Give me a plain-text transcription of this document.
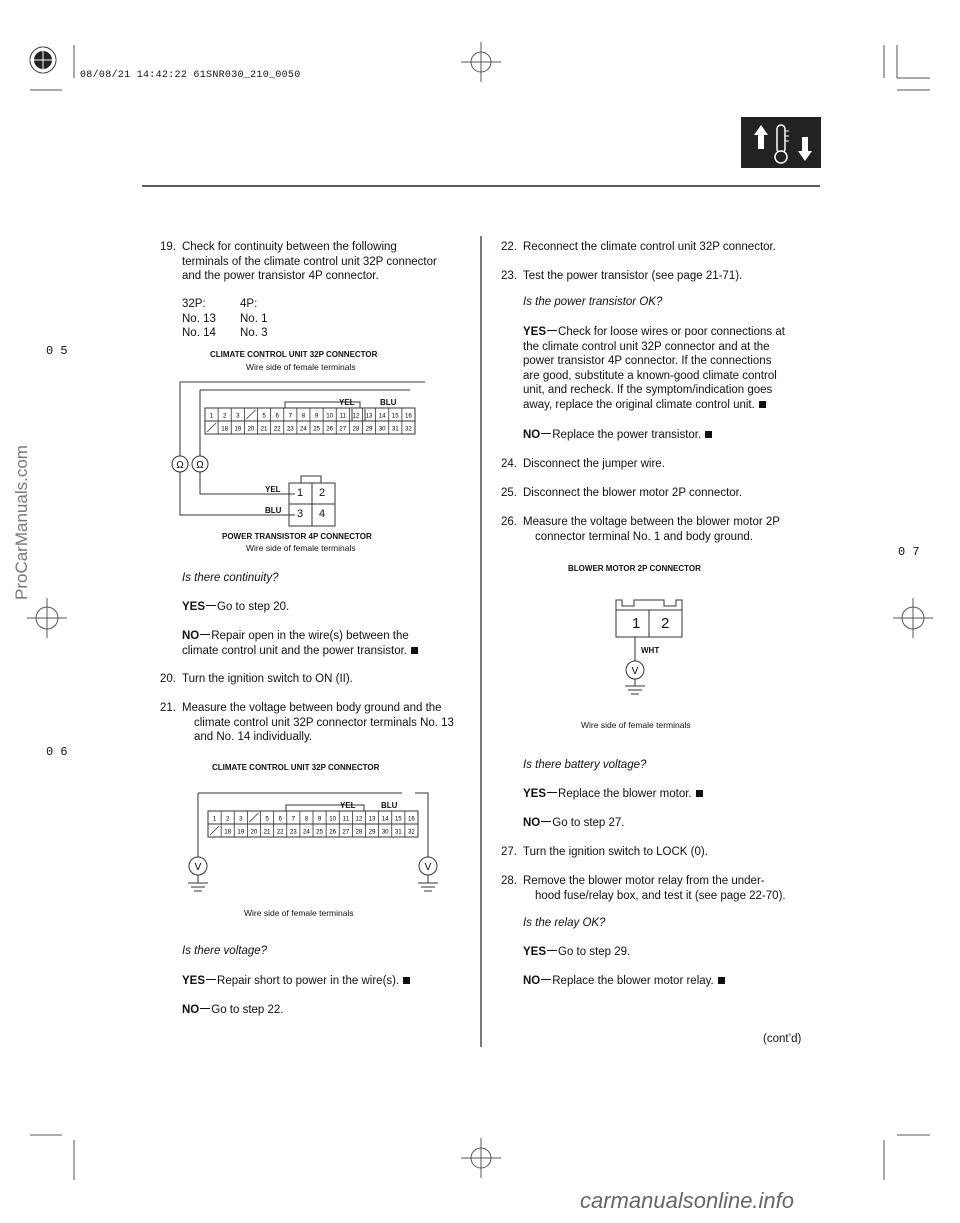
08/08/21 14:42:22 61SNR030_210_0050
0 5
0 6
0 7
ProCarManuals.com
19. Check for continuity between the following
terminals of the climate control unit 32P connector
and the power transistor 4P connector.
32P:	4P:
No. 13 No. 1
No. 14 No. 3
CLIMATE CONTROL UNIT 32P CONNECTOR
Wire side of female terminals
Ω Ω
1 2 3	5 6 7 8 9 10 11 12 13 14 15 16
18 19 20 21 22 23 24 25 26 27 28 29 30 31 32
YEL	BLU
YEL
BLU
1 2
3 4
POWER TRANSISTOR 4P CONNECTOR
Wire side of female terminals
Is there continuity?
YES Go to step 20.
NO Repair open in the wire(s) between the
climate control unit and the power transistor.
20. Turn the ignition switch to ON (II).
21. Measure the voltage between body ground and the
climate control unit 32P connector terminals No. 13
and No. 14 individually.
CLIMATE CONTROL UNIT 32P CONNECTOR
V	V
1 2 3	5 6 7 8 9 10 11 12 13 14 15 16
18 19 20 21 22 23 24 25 26 27 28 29 30 31 32
YEL	BLU
Wire side of female terminals
Is there voltage?
YES Repair short to power in the wire(s).
NO Go to step 22.
22. Reconnect the climate control unit 32P connector.
23. Test the power transistor (see page 21-71).
Is the power transistor OK?
YES Check for loose wires or poor connections at
the climate control unit 32P connector and at the
power transistor 4P connector. If the connections
are good, substitute a known-good climate control
unit, and recheck. If the symptom/indication goes
away, replace the original climate control unit.
NO Replace the power transistor.
24. Disconnect the jumper wire.
25. Disconnect the blower motor 2P connector.
26. Measure the voltage between the blower motor 2P
connector terminal No. 1 and body ground.
BLOWER MOTOR 2P CONNECTOR
V
1 2
WHT
Wire side of female terminals
Is there battery voltage?
YES Replace the blower motor.
NO Go to step 27.
27. Turn the ignition switch to LOCK (0).
28. Remove the blower motor relay from the under-
hood fuse/relay box, and test it (see page 22-70).
Is the relay OK?
YES Go to step 29.
NO Replace the blower motor relay.
(cont’d)
carmanualsonline.info
